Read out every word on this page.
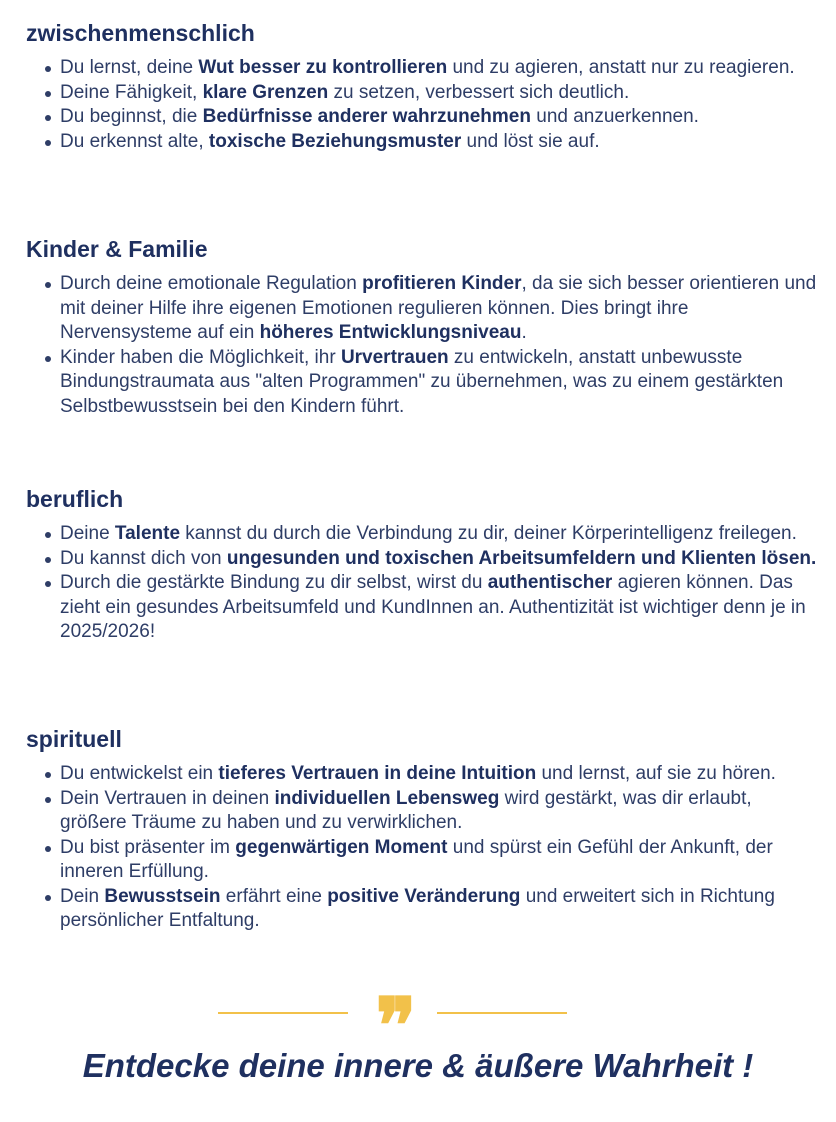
zwischenmenschlich
Du lernst, deine Wut besser zu kontrollieren und zu agieren, anstatt nur zu reagieren.
Deine Fähigkeit, klare Grenzen zu setzen, verbessert sich deutlich.
Du beginnst, die Bedürfnisse anderer wahrzunehmen und anzuerkennen.
Du erkennst alte, toxische Beziehungsmuster und löst sie auf.
Kinder & Familie
Durch deine emotionale Regulation profitieren Kinder, da sie sich besser orientieren und mit deiner Hilfe ihre eigenen Emotionen regulieren können. Dies bringt ihre Nervensysteme auf ein höheres Entwicklungsniveau.
Kinder haben die Möglichkeit, ihr Urvertrauen zu entwickeln, anstatt unbewusste Bindungstraumata aus "alten Programmen" zu übernehmen, was zu einem gestärkten Selbstbewusstsein bei den Kindern führt.
beruflich
Deine Talente kannst du durch die Verbindung zu dir, deiner Körperintelligenz freilegen.
Du kannst dich von ungesunden und toxischen Arbeitsumfeldern und Klienten lösen.
Durch die gestärkte Bindung zu dir selbst, wirst du authentischer agieren können. Das zieht ein gesundes Arbeitsumfeld und KundInnen an. Authentizität ist wichtiger denn je in 2025/2026!
spirituell
Du entwickelst ein tieferes Vertrauen in deine Intuition und lernst, auf sie zu hören.
Dein Vertrauen in deinen individuellen Lebensweg wird gestärkt, was dir erlaubt, größere Träume zu haben und zu verwirklichen.
Du bist präsenter im gegenwärtigen Moment und spürst ein Gefühl der Ankunft, der inneren Erfüllung.
Dein Bewusstsein erfährt eine positive Veränderung und erweitert sich in Richtung persönlicher Entfaltung.
❞
Entdecke deine innere & äußere Wahrheit !
